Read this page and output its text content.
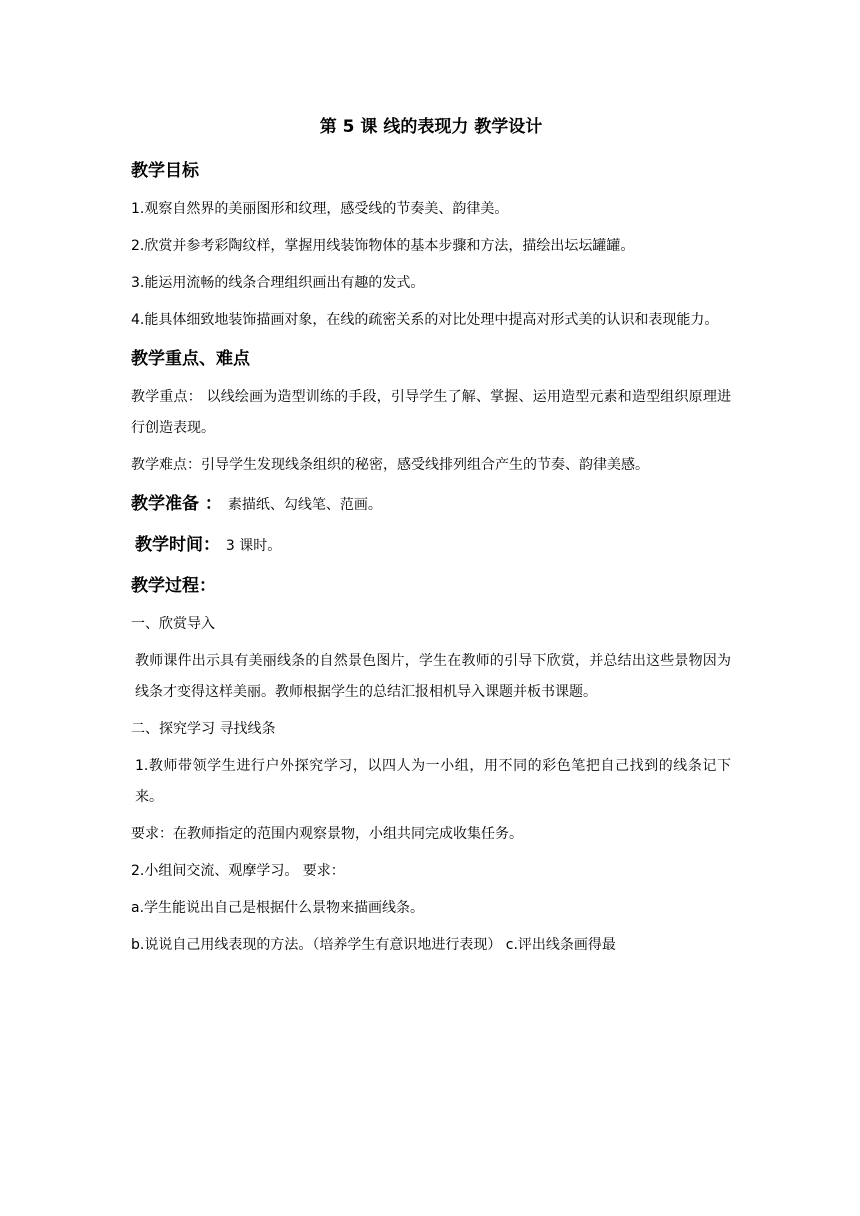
第 5 课 线的表现力 教学设计
教学目标
1.观察自然界的美丽图形和纹理，感受线的节奏美、韵律美。
2.欣赏并参考彩陶纹样，掌握用线装饰物体的基本步骤和方法，描绘出坛坛罐罐。
3.能运用流畅的线条合理组织画出有趣的发式。
4.能具体细致地装饰描画对象，在线的疏密关系的对比处理中提高对形式美的认识和表现能力。
教学重点、难点
教学重点： 以线绘画为造型训练的手段，引导学生了解、掌握、运用造型元素和造型组织原理进行创造表现。
教学难点：引导学生发现线条组织的秘密，感受线排列组合产生的节奏、韵律美感。
教学准备 ： 素描纸、勾线笔、范画。
教学时间： 3 课时。
教学过程：
一、欣赏导入
教师课件出示具有美丽线条的自然景色图片，学生在教师的引导下欣赏，并总结出这些景物因为线条才变得这样美丽。教师根据学生的总结汇报相机导入课题并板书课题。
二、探究学习 寻找线条
1.教师带领学生进行户外探究学习，以四人为一小组，用不同的彩色笔把自己找到的线条记下来。
要求：在教师指定的范围内观察景物，小组共同完成收集任务。
2.小组间交流、观摩学习。 要求：
a.学生能说出自己是根据什么景物来描画线条。
b.说说自己用线表现的方法。（培养学生有意识地进行表现） c.评出线条画得最
